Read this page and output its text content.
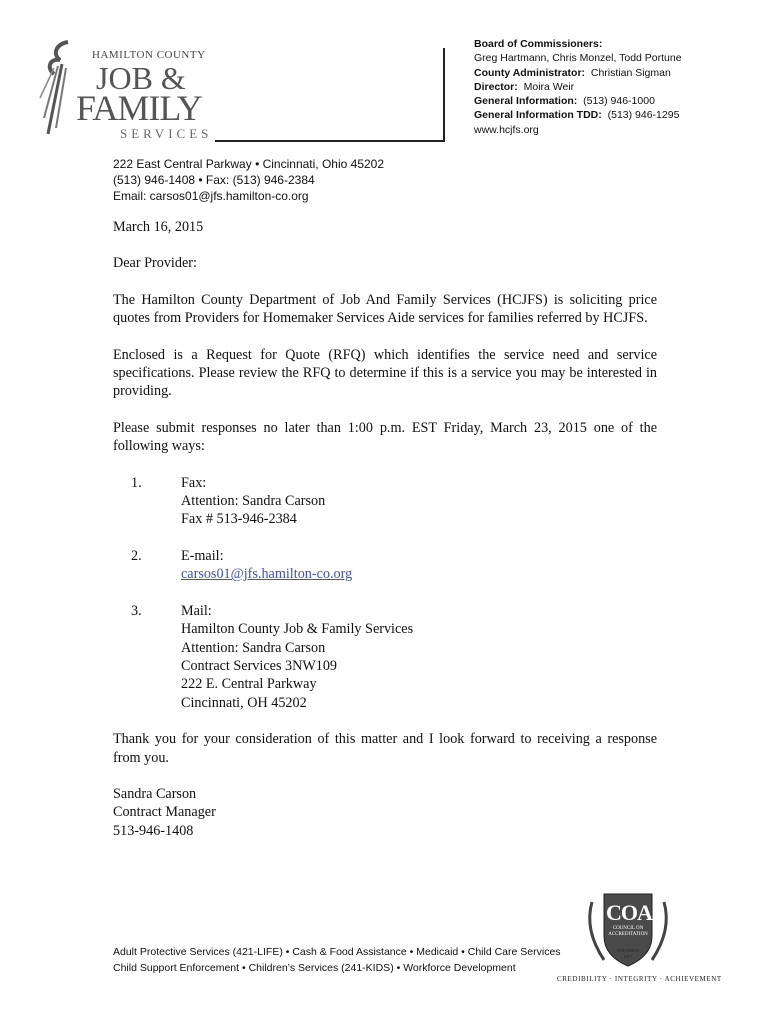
HAMILTON COUNTY
JOB &
FAMILY
SERVICES
Board of Commissioners:
Greg Hartmann, Chris Monzel, Todd Portune
County Administrator: Christian Sigman
Director: Moira Weir
General Information: (513) 946-1000
General Information TDD: (513) 946-1295
www.hcjfs.org
222 East Central Parkway • Cincinnati, Ohio 45202
(513) 946-1408 • Fax: (513) 946-2384
Email: carsos01@jfs.hamilton-co.org

March 16, 2015

Dear Provider:

The Hamilton County Department of Job And Family Services (HCJFS) is soliciting price quotes from Providers for Homemaker Services Aide services for families referred by HCJFS.

Enclosed is a Request for Quote (RFQ) which identifies the service need and service specifications. Please review the RFQ to determine if this is a service you may be interested in providing.

Please submit responses no later than 1:00 p.m. EST Friday, March 23, 2015 one of the following ways:

1.	Fax:
Attention: Sandra Carson
Fax # 513-946-2384
2.	E-mail:
carsos01@jfs.hamilton-co.org
3.	Mail:
Hamilton County Job & Family Services
Attention: Sandra Carson
Contract Services 3NW109
222 E. Central Parkway
Cincinnati, OH 45202

Thank you for your consideration of this matter and I look forward to receiving a response from you.

Sandra Carson

Contract Manager

513-946-1408

Adult Protective Services (421-LIFE) • Cash & Food Assistance • Medicaid • Child Care Services
Child Support Enforcement • Children’s Services (241-KIDS) • Workforce Development
COA
COUNCIL ON
ACCREDITATION
FOUNDED
1977
CREDIBILITY · INTEGRITY · ACHIEVEMENT
